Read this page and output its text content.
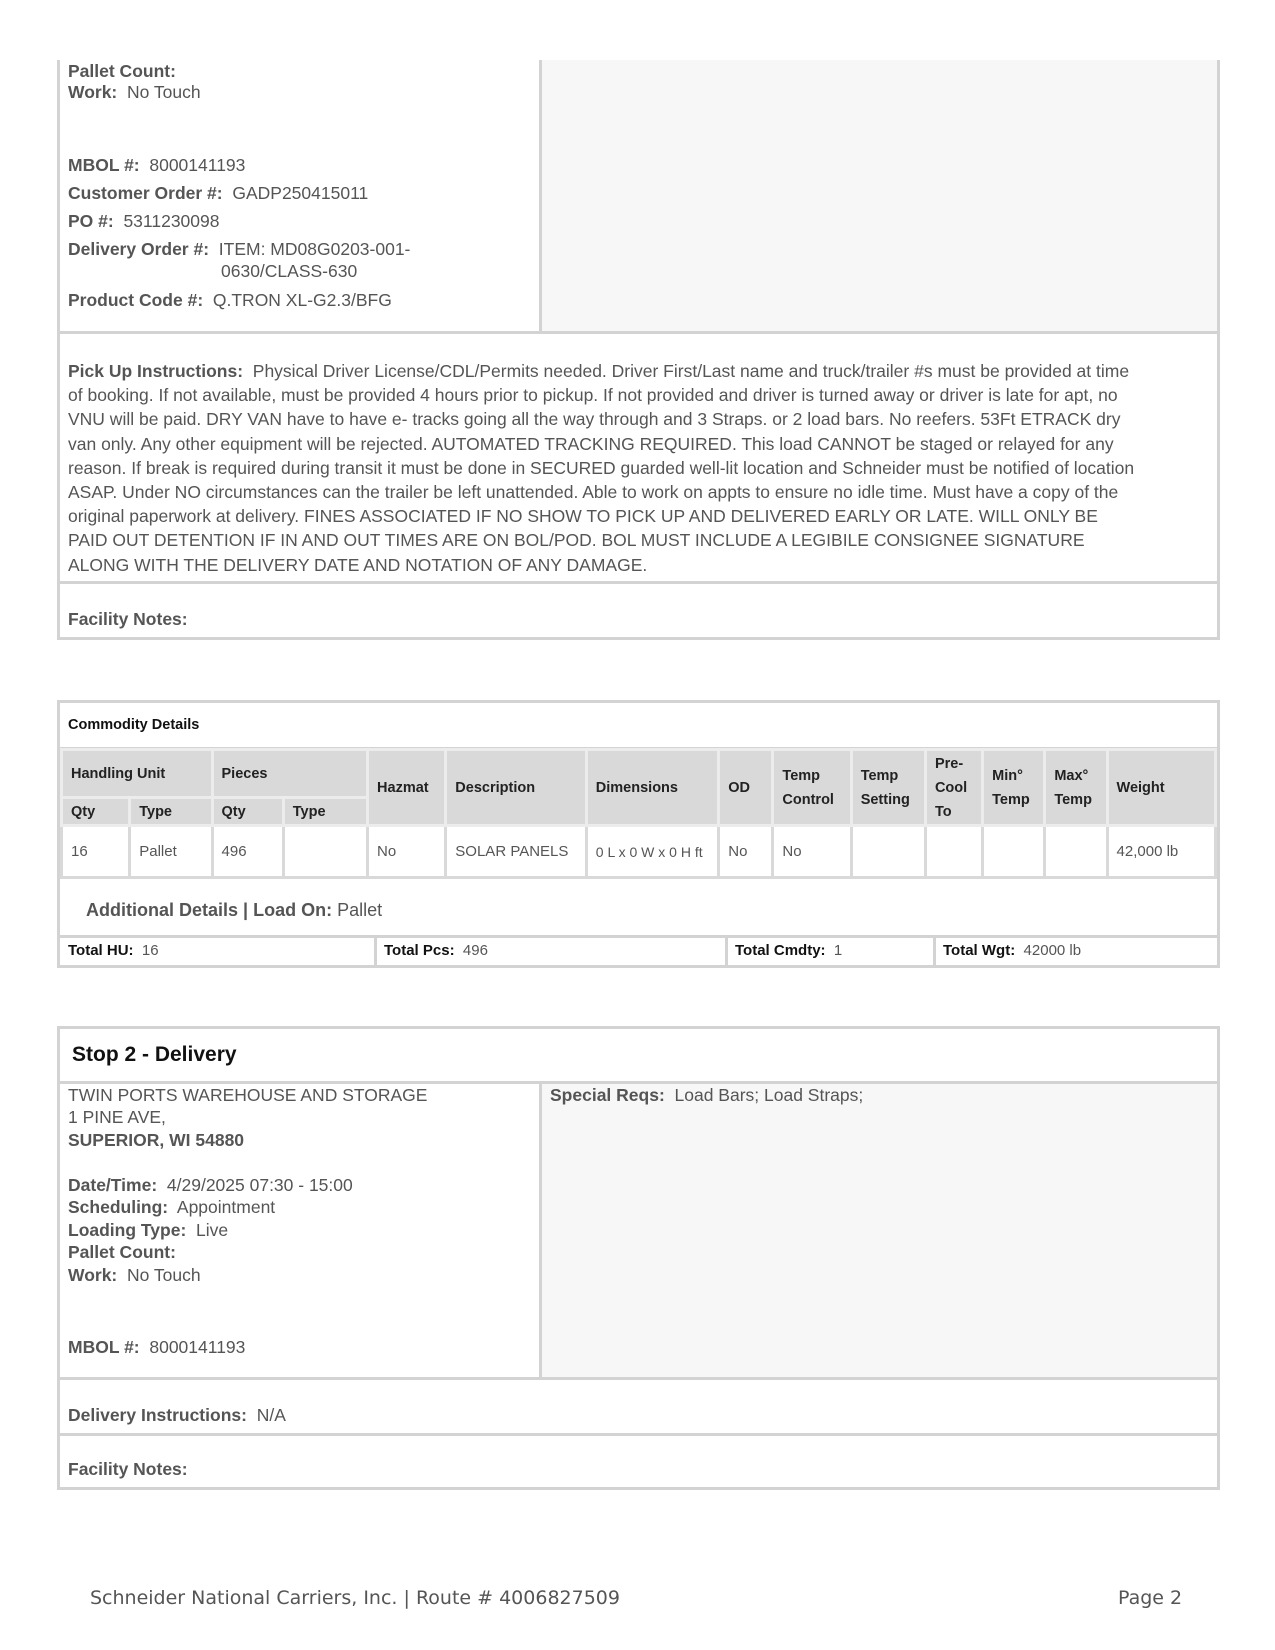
Pallet Count:
Work: No Touch
MBOL #: 8000141193
Customer Order #: GADP250415011
PO #: 5311230098
Delivery Order #: ITEM: MD08G0203-001-
0630/CLASS-630
Product Code #: Q.TRON XL-G2.3/BFG
Pick Up Instructions: Physical Driver License/CDL/Permits needed. Driver First/Last name and truck/trailer #s must be provided at time
of booking. If not available, must be provided 4 hours prior to pickup. If not provided and driver is turned away or driver is late for apt, no
VNU will be paid. DRY VAN have to have e- tracks going all the way through and 3 Straps. or 2 load bars. No reefers. 53Ft ETRACK dry
van only. Any other equipment will be rejected. AUTOMATED TRACKING REQUIRED. This load CANNOT be staged or relayed for any
reason. If break is required during transit it must be done in SECURED guarded well-lit location and Schneider must be notified of location
ASAP. Under NO circumstances can the trailer be left unattended. Able to work on appts to ensure no idle time. Must have a copy of the
original paperwork at delivery. FINES ASSOCIATED IF NO SHOW TO PICK UP AND DELIVERED EARLY OR LATE. WILL ONLY BE
PAID OUT DETENTION IF IN AND OUT TIMES ARE ON BOL/POD. BOL MUST INCLUDE A LEGIBILE CONSIGNEE SIGNATURE
ALONG WITH THE DELIVERY DATE AND NOTATION OF ANY DAMAGE.
Facility Notes:
Commodity Details
Handling Unit		Pieces		Hazmat	Description	Dimensions	OD	Temp Control	Temp Setting	Pre-Cool To	Min° Temp	Max° Temp	Weight
Qty	Type	Qty	Type										
16	Pallet	496		No	SOLAR PANELS	0 L x 0 W x 0 H ft	No	No					42,000 lb
Additional Details | Load On: Pallet
Total HU: 16	Total Pcs: 496	Total Cmdty: 1	Total Wgt: 42000 lb
Stop 2 - Delivery
TWIN PORTS WAREHOUSE AND STORAGE
1 PINE AVE,
SUPERIOR, WI 54880
Date/Time: 4/29/2025 07:30 - 15:00
Scheduling: Appointment
Loading Type: Live
Pallet Count:
Work: No Touch
MBOL #: 8000141193
Special Reqs: Load Bars; Load Straps;
Delivery Instructions: N/A
Facility Notes:
Schneider National Carriers, Inc. | Route # 4006827509	Page 2
